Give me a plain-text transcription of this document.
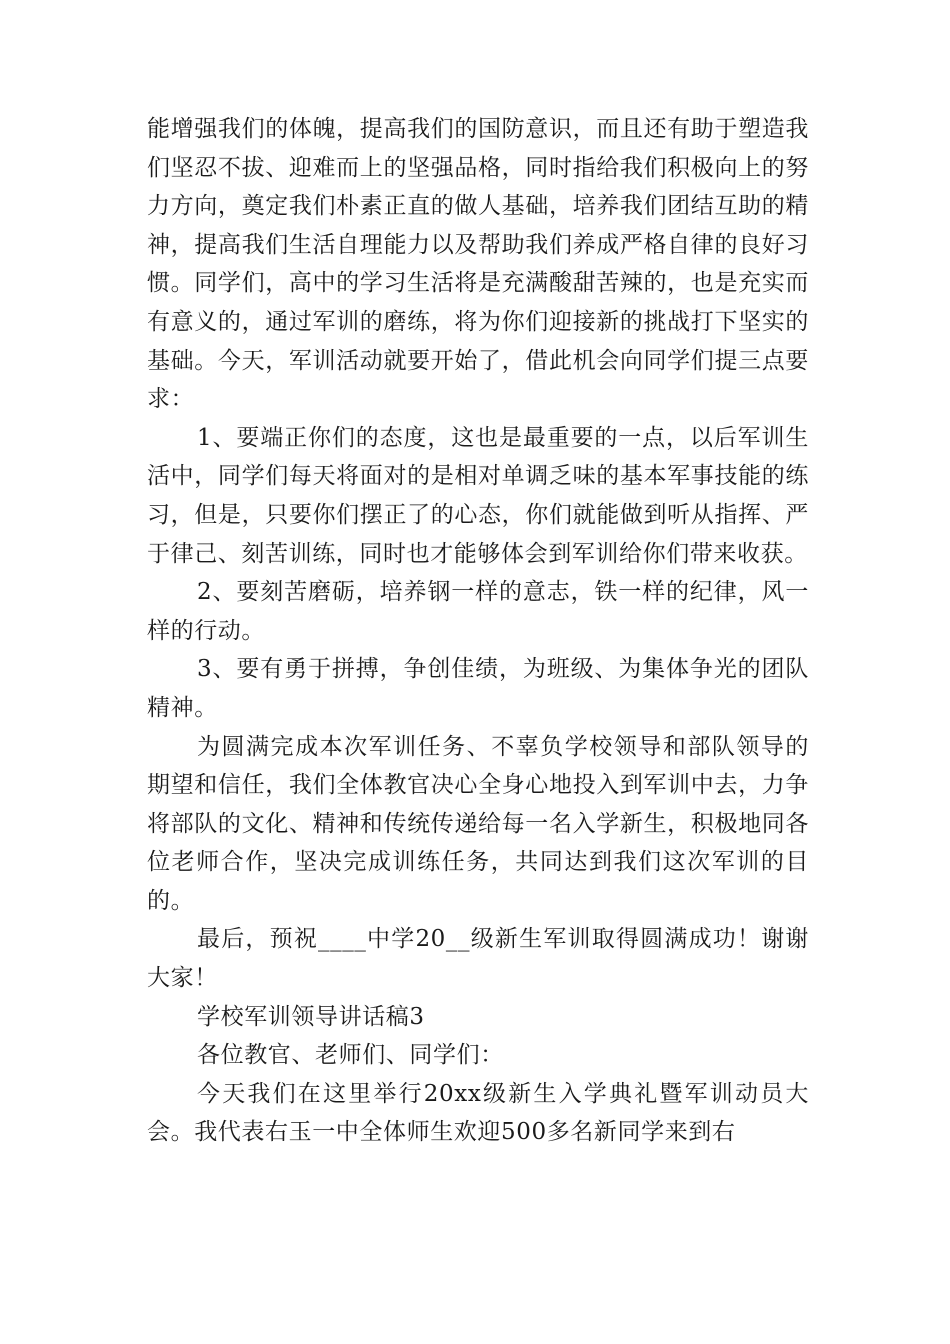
能增强我们的体魄，提高我们的国防意识，而且还有助于塑造我们坚忍不拔、迎难而上的坚强品格，同时指给我们积极向上的努力方向，奠定我们朴素正直的做人基础，培养我们团结互助的精神，提高我们生活自理能力以及帮助我们养成严格自律的良好习惯。同学们，高中的学习生活将是充满酸甜苦辣的，也是充实而有意义的，通过军训的磨练，将为你们迎接新的挑战打下坚实的基础。今天，军训活动就要开始了，借此机会向同学们提三点要求：

1、要端正你们的态度，这也是最重要的一点，以后军训生活中，同学们每天将面对的是相对单调乏味的基本军事技能的练习，但是，只要你们摆正了的心态，你们就能做到听从指挥、严于律己、刻苦训练，同时也才能够体会到军训给你们带来收获。

2、要刻苦磨砺，培养钢一样的意志，铁一样的纪律，风一样的行动。

3、要有勇于拼搏，争创佳绩，为班级、为集体争光的团队精神。

为圆满完成本次军训任务、不辜负学校领导和部队领导的期望和信任，我们全体教官决心全身心地投入到军训中去，力争将部队的文化、精神和传统传递给每一名入学新生，积极地同各位老师合作，坚决完成训练任务，共同达到我们这次军训的目的。

最后，预祝____中学20__级新生军训取得圆满成功！谢谢大家！

学校军训领导讲话稿3

各位教官、老师们、同学们：

今天我们在这里举行20xx级新生入学典礼暨军训动员大会。我代表右玉一中全体师生欢迎500多名新同学来到右
